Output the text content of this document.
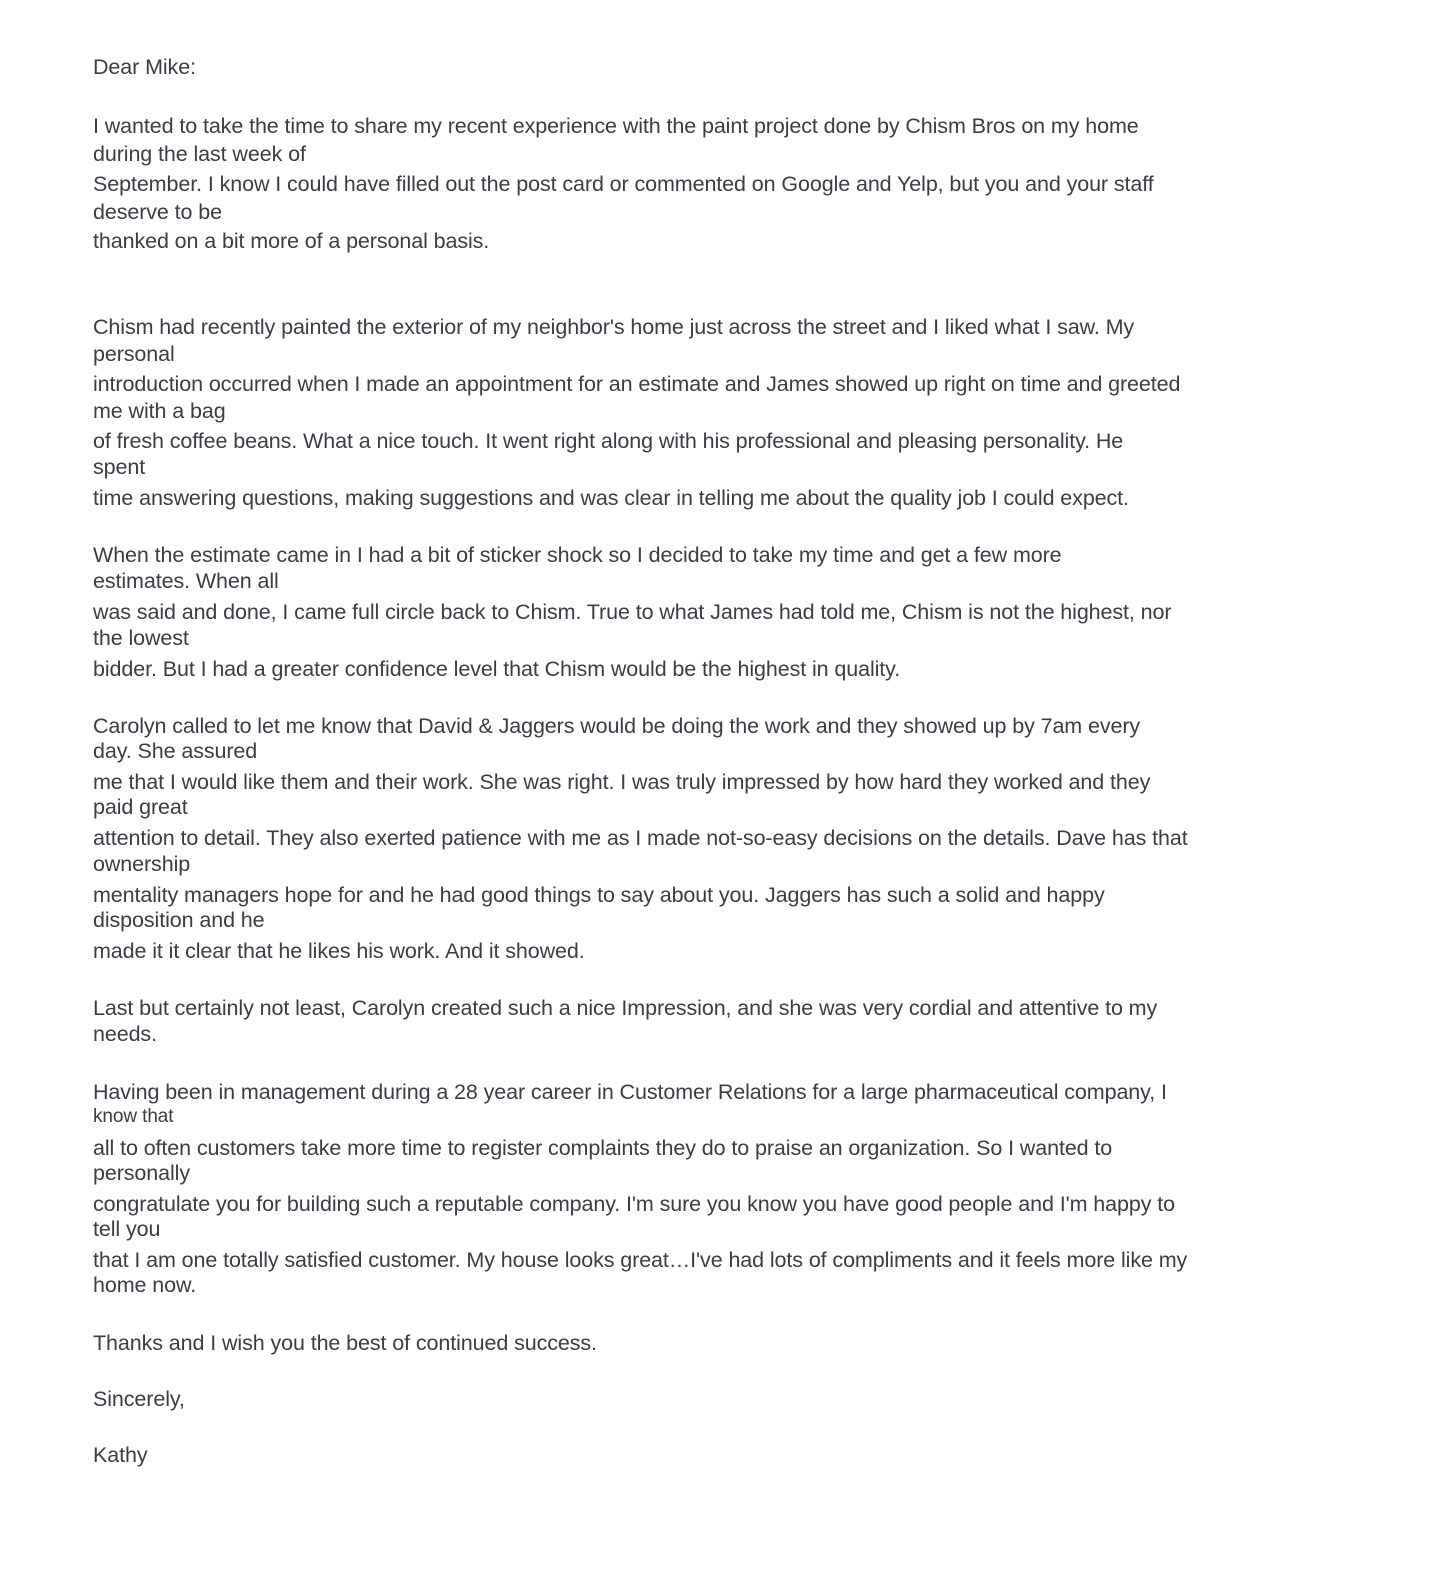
Dear Mike:
I wanted to take the time to share my recent experience with the paint project done by Chism Bros on my home
during the last week of
September. I know I could have filled out the post card or commented on Google and Yelp, but you and your staff
deserve to be
thanked on a bit more of a personal basis.
Chism had recently painted the exterior of my neighbor's home just across the street and I liked what I saw. My
personal
introduction occurred when I made an appointment for an estimate and James showed up right on time and greeted
me with a bag
of fresh coffee beans. What a nice touch. It went right along with his professional and pleasing personality. He
spent
time answering questions, making suggestions and was clear in telling me about the quality job I could expect.
When the estimate came in I had a bit of sticker shock so I decided to take my time and get a few more
estimates. When all
was said and done, I came full circle back to Chism. True to what James had told me, Chism is not the highest, nor
the lowest
bidder. But I had a greater confidence level that Chism would be the highest in quality.
Carolyn called to let me know that David & Jaggers would be doing the work and they showed up by 7am every
day. She assured
me that I would like them and their work. She was right. I was truly impressed by how hard they worked and they
paid great
attention to detail. They also exerted patience with me as I made not-so-easy decisions on the details. Dave has that
ownership
mentality managers hope for and he had good things to say about you. Jaggers has such a solid and happy
disposition and he
made it it clear that he likes his work. And it showed.
Last but certainly not least, Carolyn created such a nice Impression, and she was very cordial and attentive to my
needs.
Having been in management during a 28 year career in Customer Relations for a large pharmaceutical company, I
know that
all to often customers take more time to register complaints they do to praise an organization. So I wanted to
personally
congratulate you for building such a reputable company. I'm sure you know you have good people and I'm happy to
tell you
that I am one totally satisfied customer. My house looks great…I've had lots of compliments and it feels more like my
home now.
Thanks and I wish you the best of continued success.
Sincerely,
Kathy
